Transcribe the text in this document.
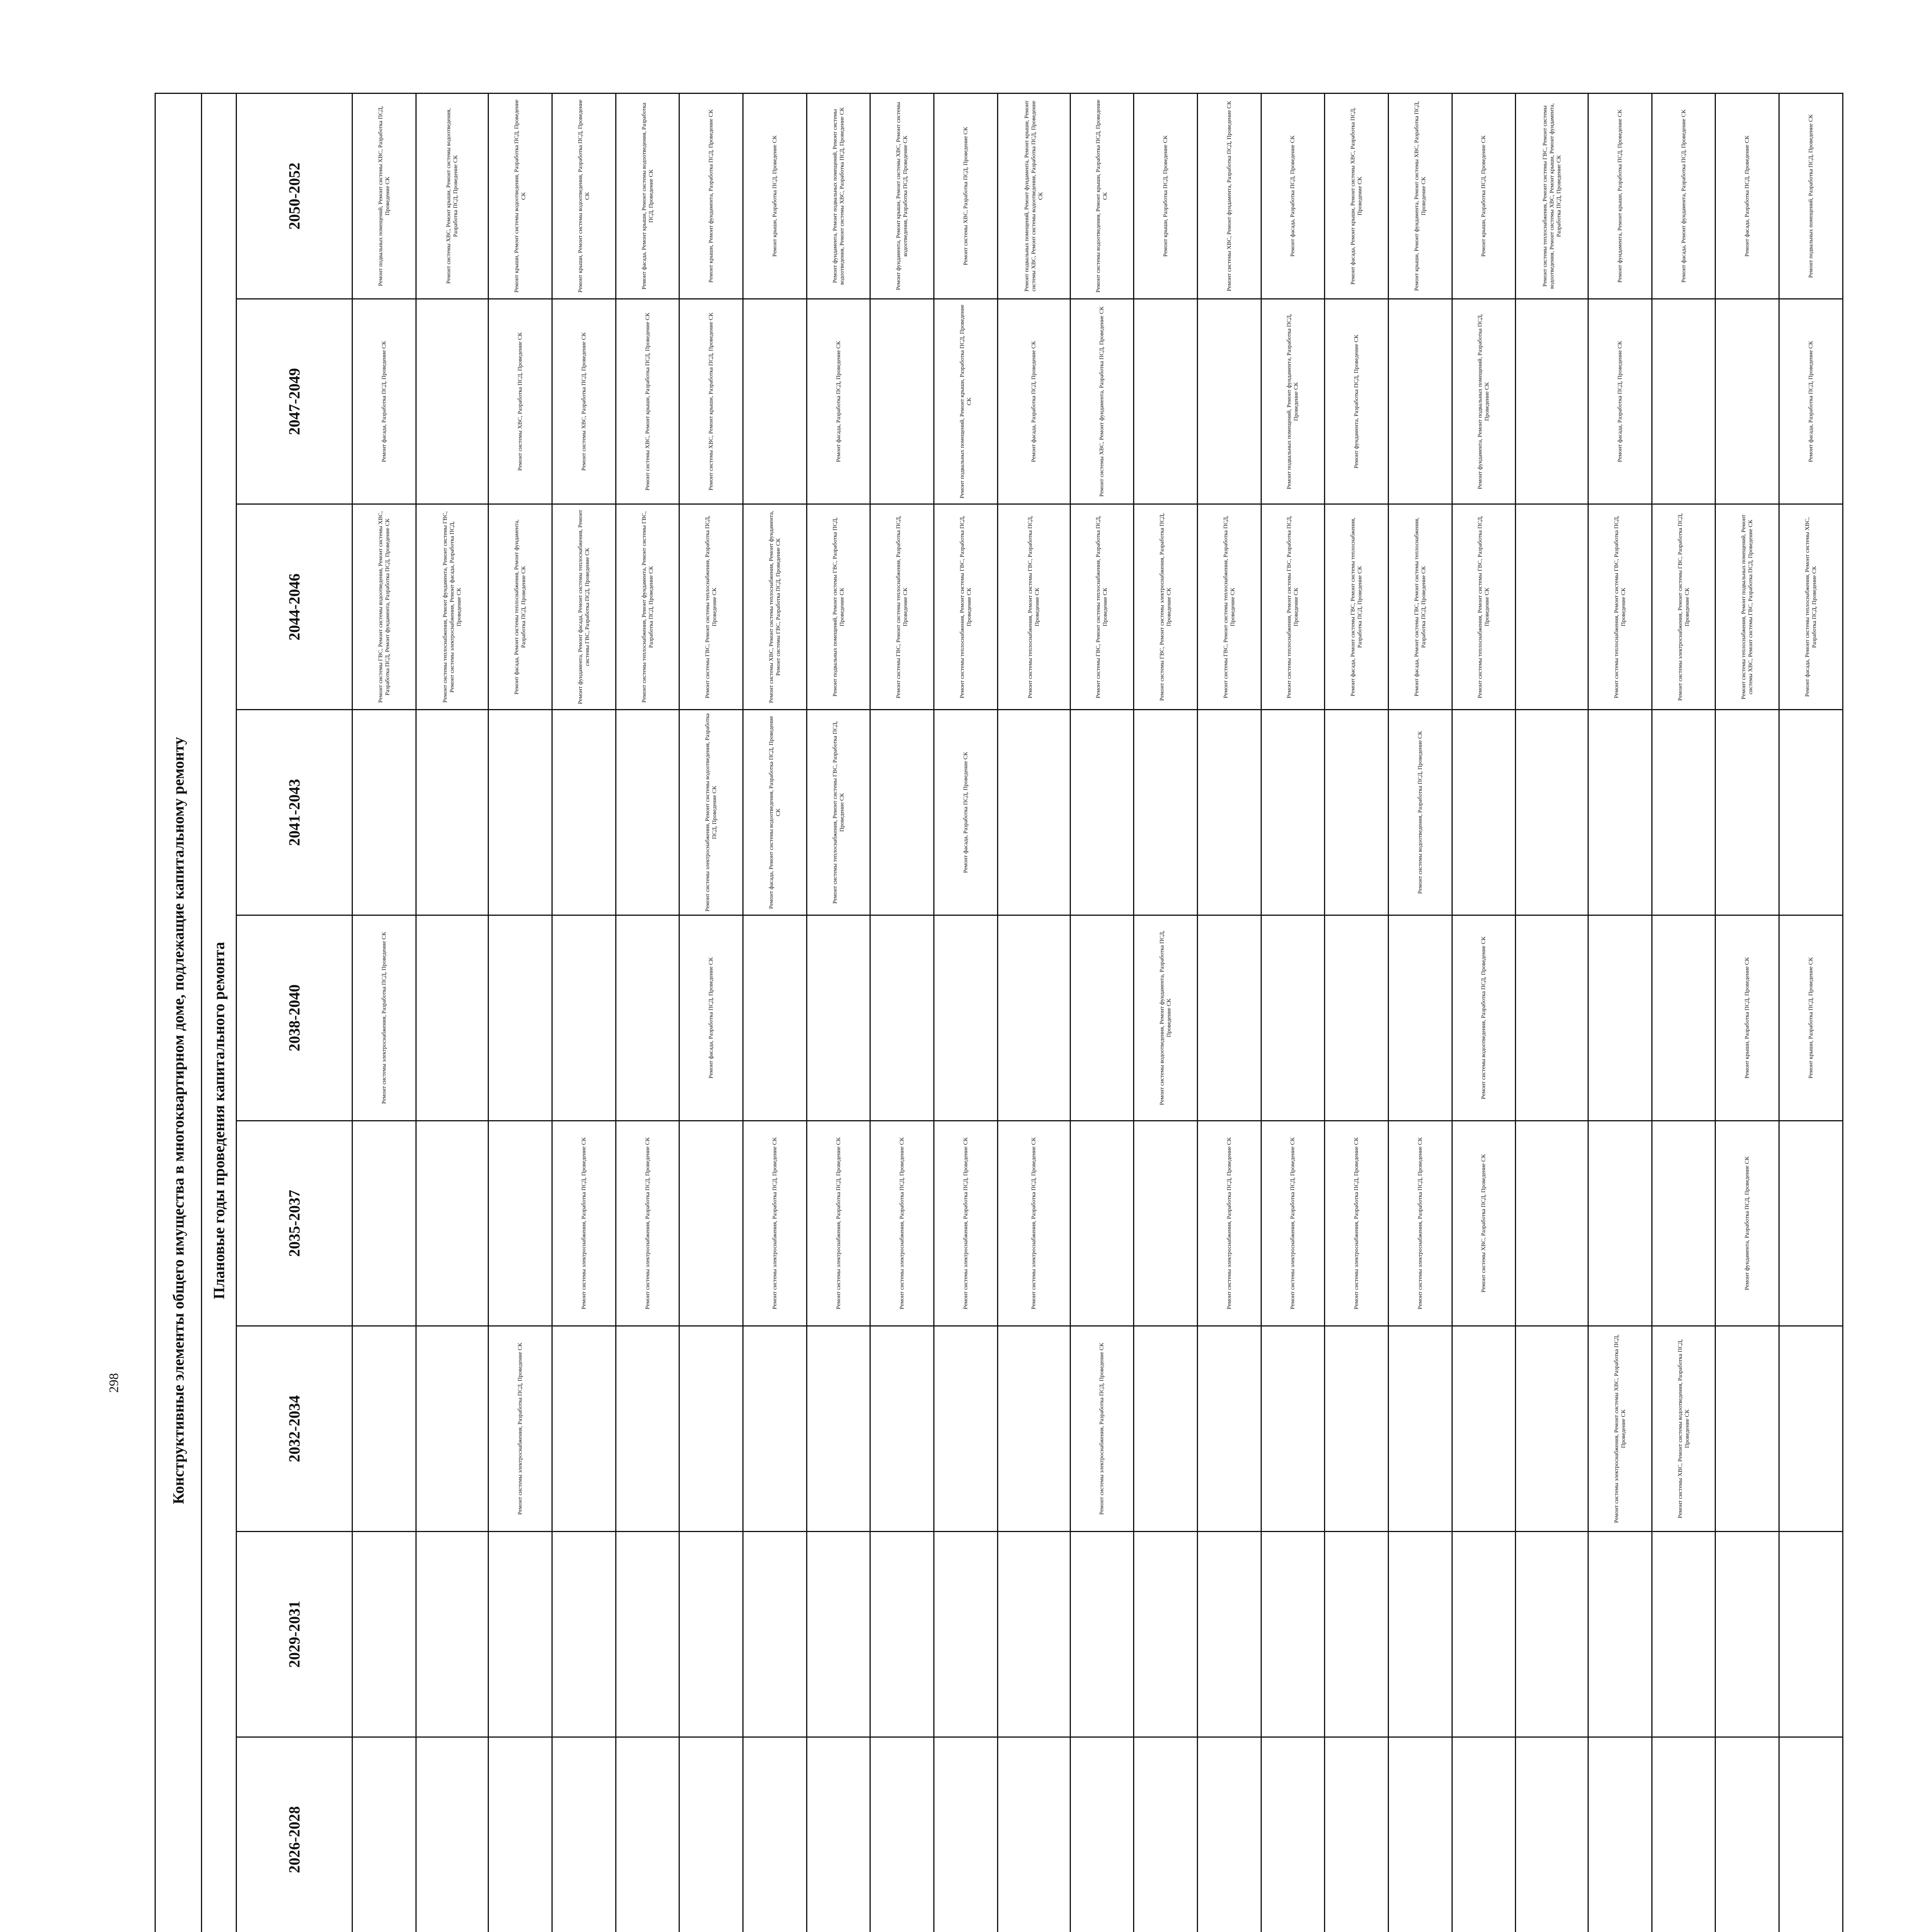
298
										Конструктивные элементы общего имущества в многоквартирном доме, подлежащие капитальному ремонту									
									Плановые годы проведения капитального ремонта									
	2026-2028	2029-2031	2032-2034	2035-2037	2038-2040	2041-2043	2044-2046	2047-2049	2050-2052
														Ремонт системы электроснабжения, Разработка ПСД, Проведение СК		Ремонт системы ГВС, Ремонт системы водоотведения, Ремонт системы ХВС, Разработка ПСД, Ремонт фундамента, Разработка ПСД, Проведение СК	Ремонт фасада, Разработка ПСД, Проведение СК	Ремонт подвальных помещений, Ремонт системы ХВС, Разработка ПСД, Проведение СК
																Ремонт системы теплоснабжения, Ремонт фундамента, Ремонт системы ГВС, Ремонт системы электроснабжения, Ремонт фасада, Разработка ПСД, Проведение СК		Ремонт системы ХВС, Ремонт крыши, Ремонт системы водоотведения, Разработка ПСД, Проведение СК
												Ремонт системы электроснабжения, Разработка ПСД, Проведение СК				Ремонт фасада, Ремонт системы теплоснабжения, Ремонт фундамента, Разработка ПСД, Проведение СК	Ремонт системы ХВС, Разработка ПСД, Проведение СК	Ремонт крыши, Ремонт системы водоотведения, Разработка ПСД, Проведение СК
													Ремонт системы электроснабжения, Разработка ПСД, Проведение СК			Ремонт фундамента, Ремонт фасада, Ремонт системы теплоснабжения, Ремонт системы ГВС, Разработка ПСД, Проведение СК	Ремонт системы ХВС, Разработка ПСД, Проведение СК	Ремонт крыши, Ремонт системы водоотведения, Разработка ПСД, Проведение СК
													Ремонт системы электроснабжения, Разработка ПСД, Проведение СК			Ремонт системы теплоснабжения, Ремонт фундамента, Ремонт системы ГВС, Разработка ПСД, Проведение СК	Ремонт системы ХВС, Ремонт крыши, Разработка ПСД, Проведение СК	Ремонт фасада, Ремонт крыши, Ремонт системы водоотведения, Разработка ПСД, Проведение СК
														Ремонт фасада, Разработка ПСД, Проведение СК	Ремонт системы электроснабжения, Ремонт системы водоотведения, Разработка ПСД, Проведение СК	Ремонт системы ГВС, Ремонт системы теплоснабжения, Разработка ПСД, Проведение СК	Ремонт системы ХВС, Ремонт крыши, Разработка ПСД, Проведение СК	Ремонт крыши, Ремонт фундамента, Разработка ПСД, Проведение СК
													Ремонт системы электроснабжения, Разработка ПСД, Проведение СК		Ремонт фасада, Ремонт системы водоотведения, Разработка ПСД, Проведение СК	Ремонт системы ХВС, Ремонт системы теплоснабжения, Ремонт фундамента, Ремонт системы ГВС, Разработка ПСД, Проведение СК		Ремонт крыши, Разработка ПСД, Проведение СК
													Ремонт системы электроснабжения, Разработка ПСД, Проведение СК		Ремонт системы теплоснабжения, Ремонт системы ГВС, Разработка ПСД, Проведение СК	Ремонт подвальных помещений, Ремонт системы ГВС, Разработка ПСД, Проведение СК	Ремонт фасада, Разработка ПСД, Проведение СК	Ремонт фундамента, Ремонт подвальных помещений, Ремонт системы водоотведения, Ремонт системы ХВС, Разработка ПСД, Проведение СК
													Ремонт системы электроснабжения, Разработка ПСД, Проведение СК			Ремонт системы ГВС, Ремонт системы теплоснабжения, Разработка ПСД, Проведение СК		Ремонт фундамента, Ремонт крыши, Ремонт системы ХВС, Ремонт системы водоотведения, Разработка ПСД, Проведение СК
													Ремонт системы электроснабжения, Разработка ПСД, Проведение СК		Ремонт фасада, Разработка ПСД, Проведение СК	Ремонт системы теплоснабжения, Ремонт системы ГВС, Разработка ПСД, Проведение СК	Ремонт подвальных помещений, Ремонт крыши, Разработка ПСД, Проведение СК	Ремонт системы ХВС, Разработка ПСД, Проведение СК
													Ремонт системы электроснабжения, Разработка ПСД, Проведение СК			Ремонт системы теплоснабжения, Ремонт системы ГВС, Разработка ПСД, Проведение СК	Ремонт фасада, Разработка ПСД, Проведение СК	Ремонт подвальных помещений, Ремонт фундамента, Ремонт крыши, Ремонт системы ХВС, Ремонт системы водоотведения, Разработка ПСД, Проведение СК
												Ремонт системы электроснабжения, Разработка ПСД, Проведение СК				Ремонт системы ГВС, Ремонт системы теплоснабжения, Разработка ПСД, Проведение СК	Ремонт системы ХВС, Ремонт фундамента, Разработка ПСД, Проведение СК	Ремонт системы водоотведения, Ремонт крыши, Разработка ПСД, Проведение СК
														Ремонт системы водоотведения, Ремонт фундамента, Разработка ПСД, Проведение СК		Ремонт системы ГВС, Ремонт системы электроснабжения, Разработка ПСД, Проведение СК		Ремонт крыши, Разработка ПСД, Проведение СК
													Ремонт системы электроснабжения, Разработка ПСД, Проведение СК			Ремонт системы ГВС, Ремонт системы теплоснабжения, Разработка ПСД, Проведение СК		Ремонт системы ХВС, Ремонт фундамента, Разработка ПСД, Проведение СК
													Ремонт системы электроснабжения, Разработка ПСД, Проведение СК			Ремонт системы теплоснабжения, Ремонт системы ГВС, Разработка ПСД, Проведение СК	Ремонт подвальных помещений, Ремонт фундамента, Разработка ПСД, Проведение СК	Ремонт фасада, Разработка ПСД, Проведение СК
													Ремонт системы электроснабжения, Разработка ПСД, Проведение СК			Ремонт фасада, Ремонт системы ГВС, Ремонт системы теплоснабжения, Разработка ПСД, Проведение СК	Ремонт фундамента, Разработка ПСД, Проведение СК	Ремонт фасада, Ремонт крыши, Ремонт системы ХВС, Разработка ПСД, Проведение СК
													Ремонт системы электроснабжения, Разработка ПСД, Проведение СК		Ремонт системы водоотведения, Разработка ПСД, Проведение СК	Ремонт фасада, Ремонт системы ГВС, Ремонт системы теплоснабжения, Разработка ПСД, Проведение СК		Ремонт крыши, Ремонт фундамента, Ремонт системы ХВС, Разработка ПСД, Проведение СК
													Ремонт системы ХВС, Разработка ПСД, Проведение СК	Ремонт системы водоотведения, Разработка ПСД, Проведение СК		Ремонт системы теплоснабжения, Ремонт системы ГВС, Разработка ПСД, Проведение СК	Ремонт фундамента, Ремонт подвальных помещений, Разработка ПСД, Проведение СК	Ремонт крыши, Разработка ПСД, Проведение СК
																		Ремонт системы теплоснабжения, Ремонт системы ГВС, Ремонт системы водоотведения, Ремонт системы ХВС, Ремонт крыши, Ремонт фундамента, Разработка ПСД, Проведение СК
												Ремонт системы электроснабжения, Ремонт системы ХВС, Разработка ПСД, Проведение СК				Ремонт системы теплоснабжения, Ремонт системы ГВС, Разработка ПСД, Проведение СК	Ремонт фасада, Разработка ПСД, Проведение СК	Ремонт фундамента, Ремонт крыши, Разработка ПСД, Проведение СК
												Ремонт системы ХВС, Ремонт системы водоотведения, Разработка ПСД, Проведение СК				Ремонт системы электроснабжения, Ремонт системы ГВС, Разработка ПСД, Проведение СК		Ремонт фасада, Ремонт фундамента, Разработка ПСД, Проведение СК
													Ремонт фундамента, Разработка ПСД, Проведение СК	Ремонт крыши, Разработка ПСД, Проведение СК		Ремонт системы теплоснабжения, Ремонт подвальных помещений, Ремонт системы ХВС, Ремонт системы ГВС, Разработка ПСД, Проведение СК		Ремонт фасада, Разработка ПСД, Проведение СК
														Ремонт крыши, Разработка ПСД, Проведение СК		Ремонт фасада, Ремонт системы теплоснабжения, Ремонт системы ХВС, Разработка ПСД, Проведение СК	Ремонт фасада, Разработка ПСД, Проведение СК	Ремонт подвальных помещений, Разработка ПСД, Проведение СК
